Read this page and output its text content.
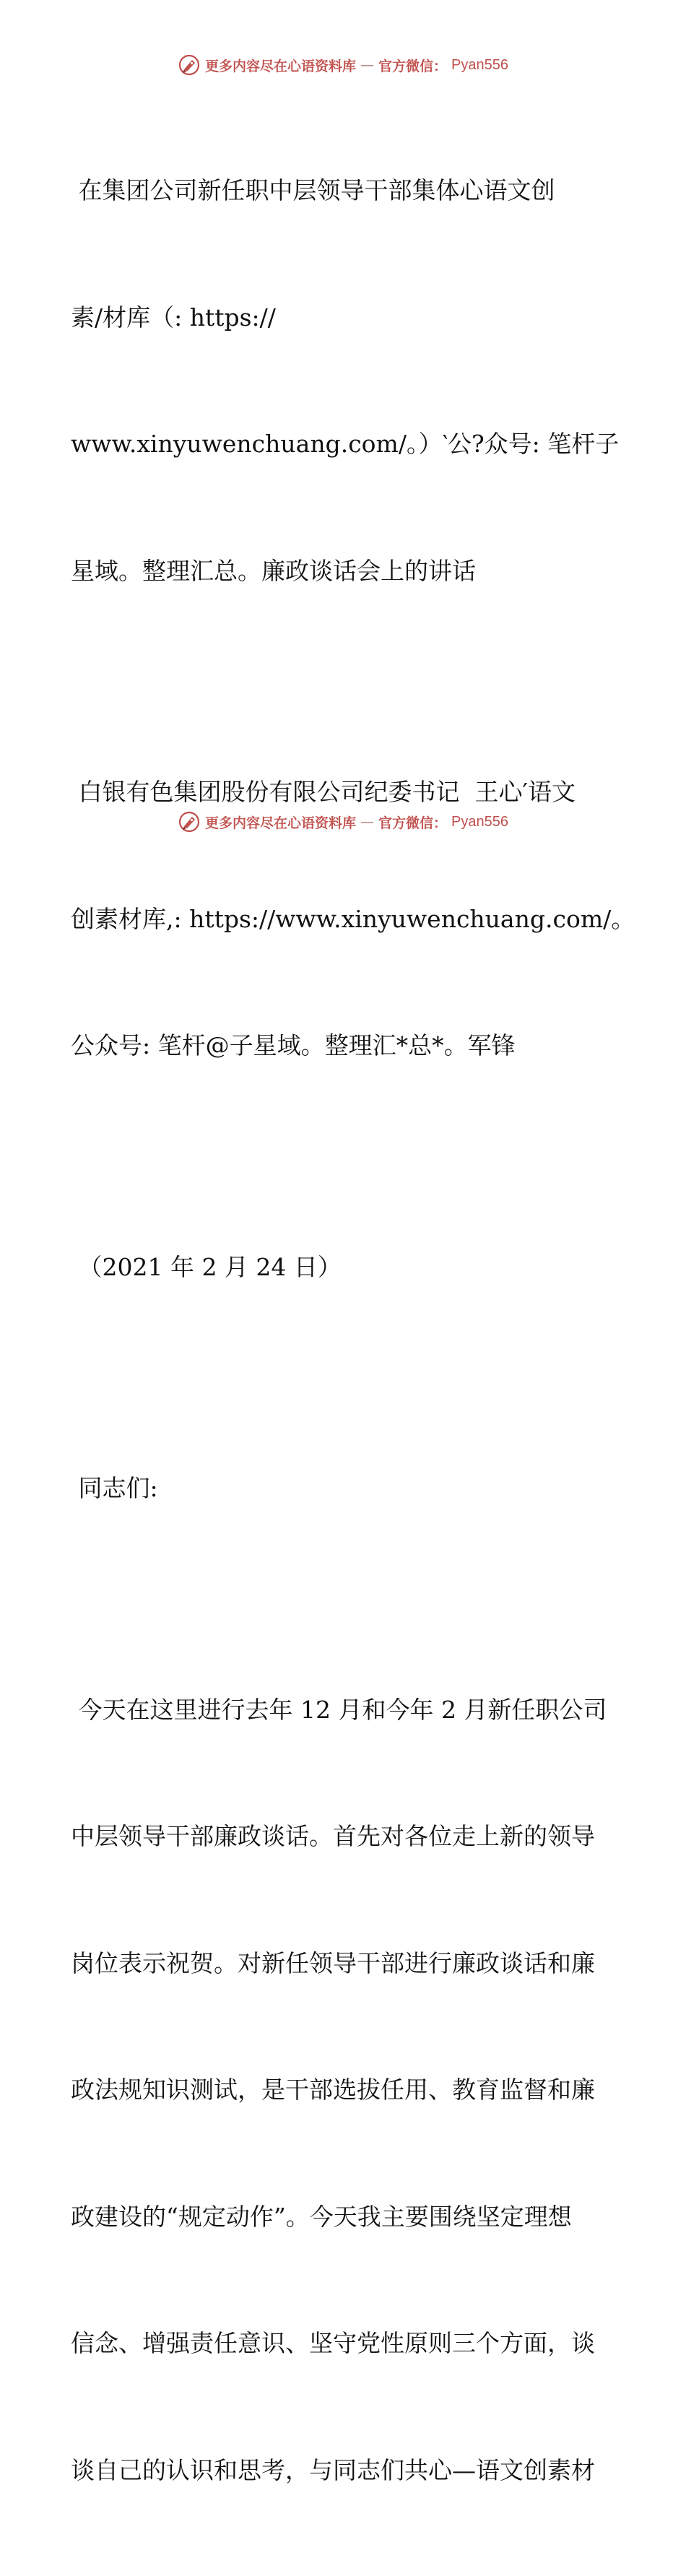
更多内容尽在心语资料库 — 官方微信： Pyan556

在集团公司新任职中层领导干部集体心语文创

素/材库（: https://

www.xinyuwenchuang.com/。）‵公?众号: 笔杆子

星域。整理汇总。廉政谈话会上的讲话

白银有色集团股份有限公司纪委书记  王心′语文

创素材库,: https://www.xinyuwenchuang.com/。

公众号: 笔杆@子星域。整理汇*总*。军锋

（2021 年 2 月 24 日）

同志们:

今天在这里进行去年 12 月和今年 2 月新任职公司

中层领导干部廉政谈话。首先对各位走上新的领导

岗位表示祝贺。对新任领导干部进行廉政谈话和廉

政法规知识测试，是干部选拔任用、教育监督和廉

政建设的“规定动作”。今天我主要围绕坚定理想

信念、增强责任意识、坚守党性原则三个方面，谈

谈自己的认识和思考，与同志们共心—语文创素材

更多内容尽在心语资料库 — 官方微信： Pyan556
